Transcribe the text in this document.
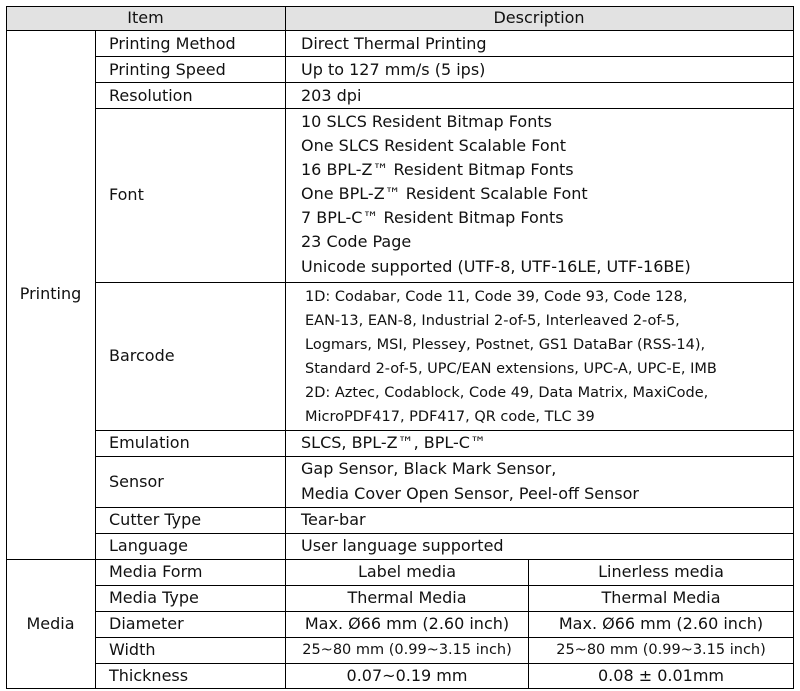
Item	Description
Printing
Media
Printing Method
Printing Speed
Resolution
Font
Barcode
Emulation
Sensor
Cutter Type
Language
Direct Thermal Printing
Up to 127 mm/s (5 ips)
203 dpi
10 SLCS Resident Bitmap Fonts
One SLCS Resident Scalable Font
16 BPL-Z™ Resident Bitmap Fonts
One BPL-Z™ Resident Scalable Font
7 BPL-C™ Resident Bitmap Fonts
23 Code Page
Unicode supported (UTF-8, UTF-16LE, UTF-16BE)
1D: Codabar, Code 11, Code 39, Code 93, Code 128,
EAN-13, EAN-8, Industrial 2-of-5, Interleaved 2-of-5,
Logmars, MSI, Plessey, Postnet, GS1 DataBar (RSS-14),
Standard 2-of-5, UPC/EAN extensions, UPC-A, UPC-E, IMB
2D: Aztec, Codablock, Code 49, Data Matrix, MaxiCode,
MicroPDF417, PDF417, QR code, TLC 39
SLCS, BPL-Z™, BPL-C™
Gap Sensor, Black Mark Sensor,
Media Cover Open Sensor, Peel-off Sensor
Tear-bar
User language supported
Media Form
Media Type
Diameter
Width
Thickness
Label media
Thermal Media
Max. Ø66 mm (2.60 inch)
25~80 mm (0.99~3.15 inch)
0.07~0.19 mm
Linerless media
Thermal Media
Max. Ø66 mm (2.60 inch)
25~80 mm (0.99~3.15 inch)
0.08 ± 0.01mm
